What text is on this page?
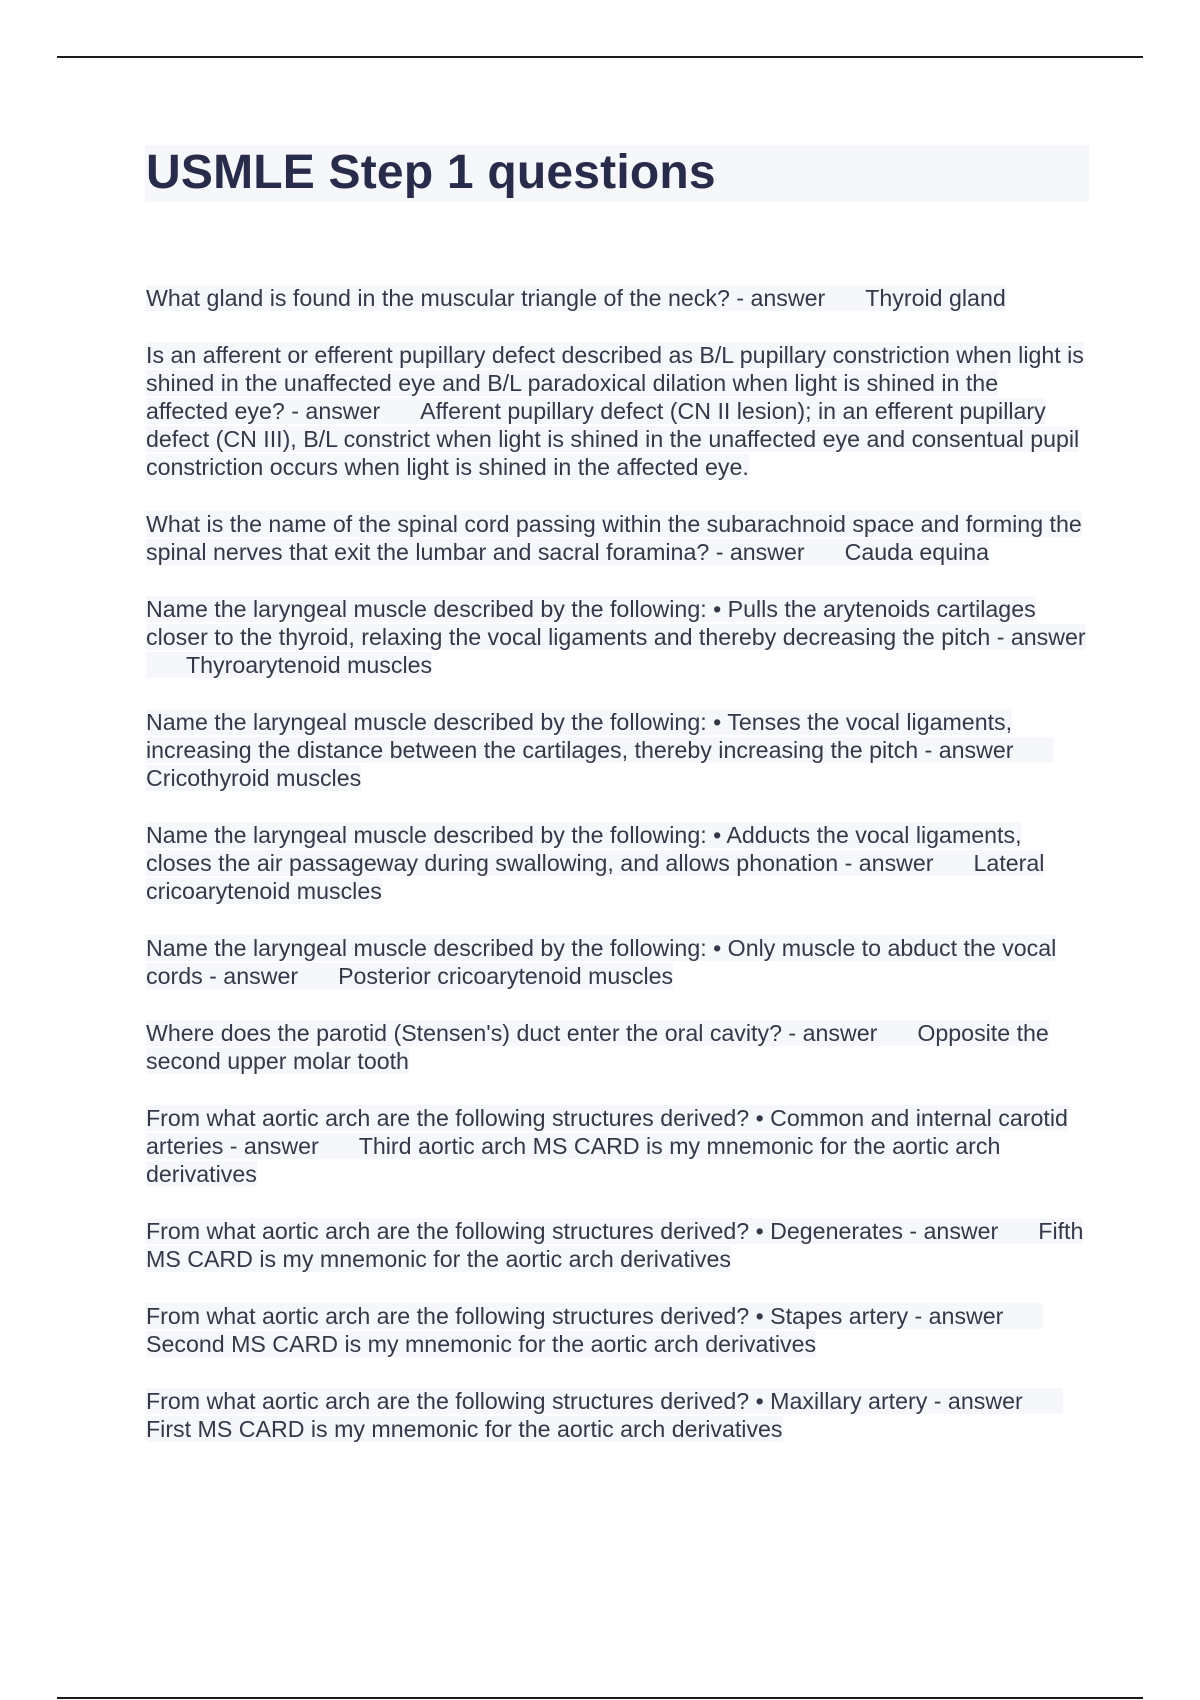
USMLE Step 1 questions

What gland is found in the muscular triangle of the neck? - answer Thyroid gland

Is an afferent or efferent pupillary defect described as B/L pupillary constriction when light is shined in the unaffected eye and B/L paradoxical dilation when light is shined in the affected eye? - answer Afferent pupillary defect (CN II lesion); in an efferent pupillary defect (CN III), B/L constrict when light is shined in the unaffected eye and consentual pupil constriction occurs when light is shined in the affected eye.

What is the name of the spinal cord passing within the subarachnoid space and forming the spinal nerves that exit the lumbar and sacral foramina? - answer Cauda equina

Name the laryngeal muscle described by the following: • Pulls the arytenoids cartilages closer to the thyroid, relaxing the vocal ligaments and thereby decreasing the pitch - answerThyroarytenoid muscles

Name the laryngeal muscle described by the following: • Tenses the vocal ligaments, increasing the distance between the cartilages, thereby increasing the pitch - answerCricothyroid muscles

Name the laryngeal muscle described by the following: • Adducts the vocal ligaments, closes the air passageway during swallowing, and allows phonation - answer Lateral cricoarytenoid muscles

Name the laryngeal muscle described by the following: • Only muscle to abduct the vocal cords - answer Posterior cricoarytenoid muscles

Where does the parotid (Stensen's) duct enter the oral cavity? - answer Opposite the second upper molar tooth

From what aortic arch are the following structures derived? • Common and internal carotid arteries - answer Third aortic arch MS CARD is my mnemonic for the aortic arch derivatives

From what aortic arch are the following structures derived? • Degenerates - answer Fifth MS CARD is my mnemonic for the aortic arch derivatives

From what aortic arch are the following structures derived? • Stapes artery - answerSecond MS CARD is my mnemonic for the aortic arch derivatives

From what aortic arch are the following structures derived? • Maxillary artery - answerFirst MS CARD is my mnemonic for the aortic arch derivatives
